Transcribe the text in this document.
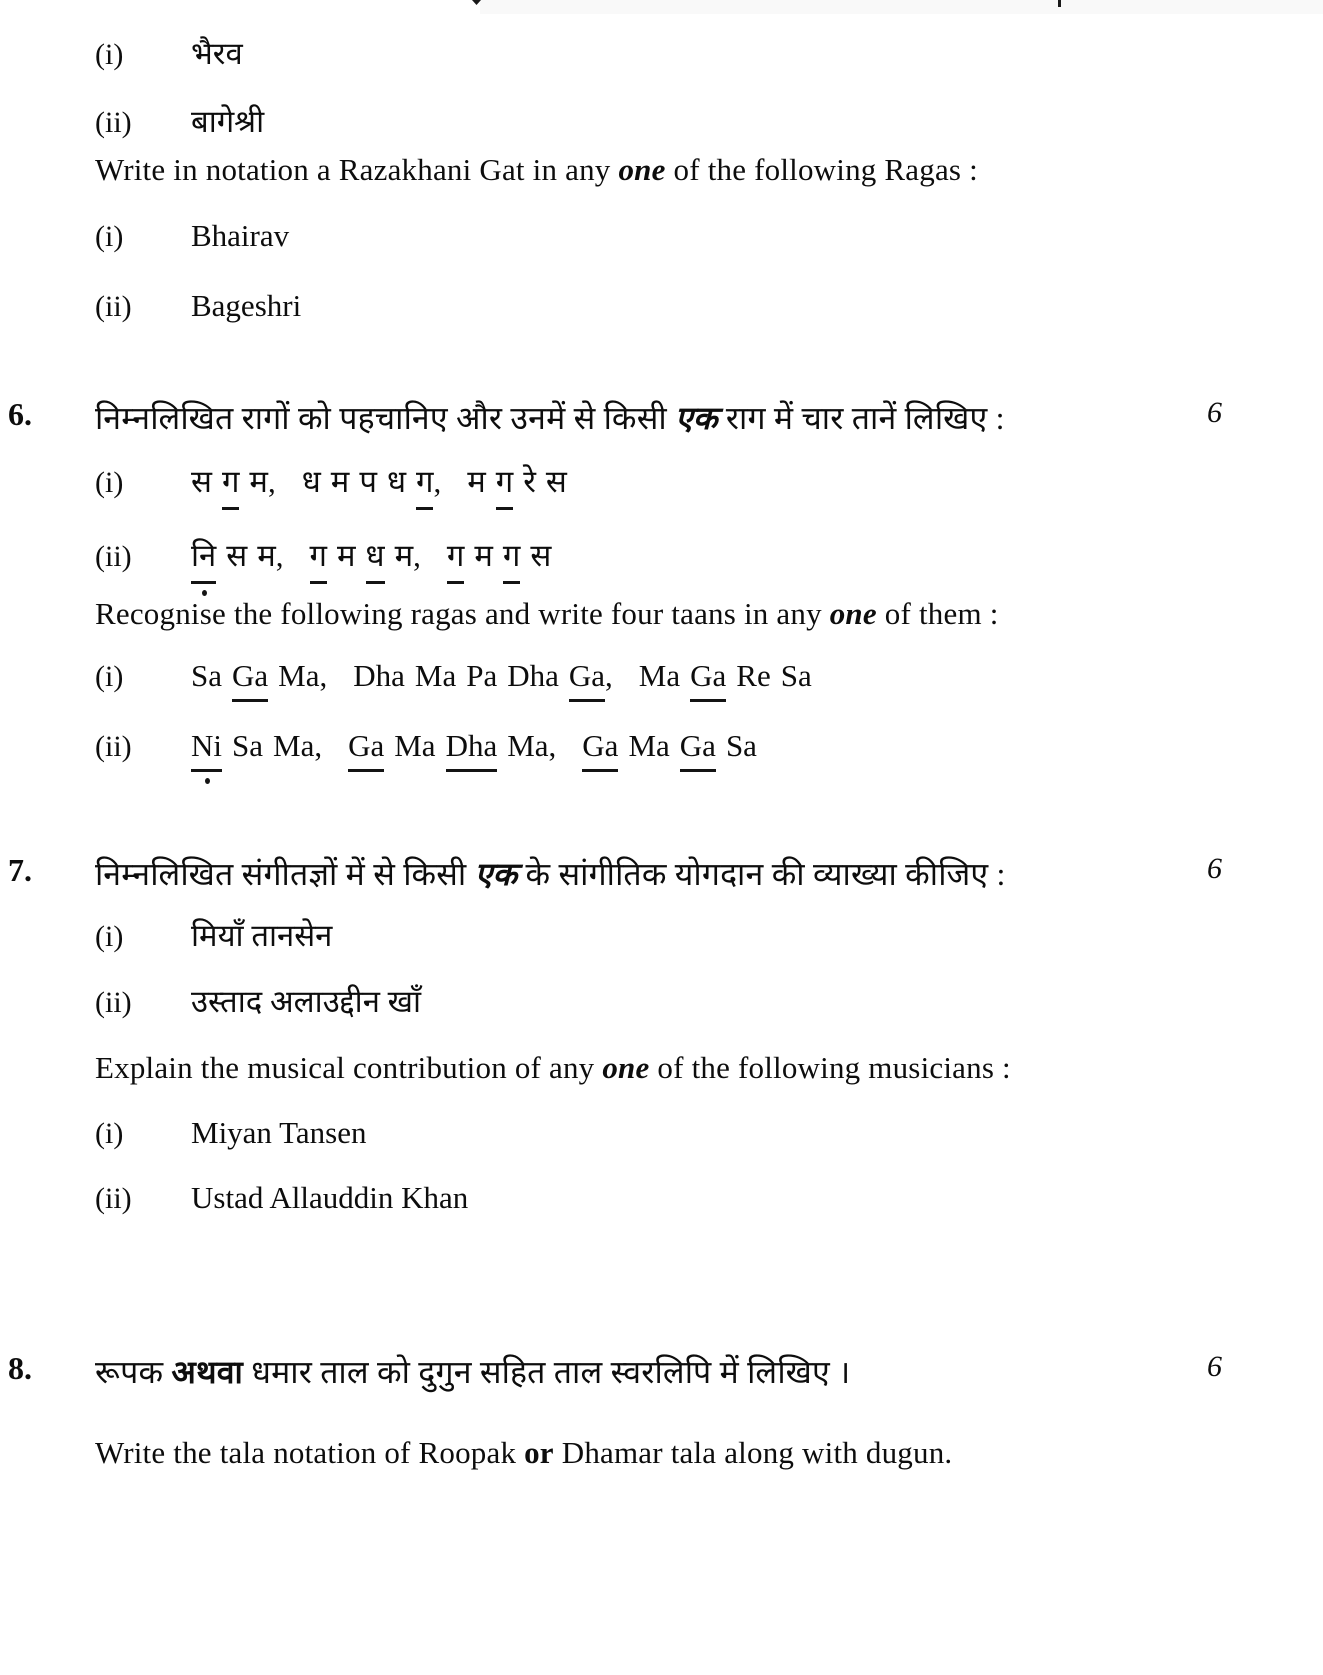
(i)	भैरव
(ii)	बागेश्री
Write in notation a Razakhani Gat in any one of the following Ragas :
(i)	Bhairav
(ii)	Bageshri
6. निम्नलिखित रागों को पहचानिए और उनमें से किसी एक राग में चार तानें लिखिए :	6
(i)	स ग म, ध म प ध ग, म ग रे स
(ii)	नि स म, ग म ध म, ग म ग स
Recognise the following ragas and write four taans in any one of them :
(i)	Sa Ga Ma, Dha Ma Pa Dha Ga, Ma Ga Re Sa
(ii)	Ni Sa Ma, Ga Ma Dha Ma, Ga Ma Ga Sa
7. निम्नलिखित संगीतज्ञों में से किसी एक के सांगीतिक योगदान की व्याख्या कीजिए :	6
(i)	मियाँ तानसेन
(ii)	उस्ताद अलाउद्दीन खाँ
Explain the musical contribution of any one of the following musicians :
(i)	Miyan Tansen
(ii)	Ustad Allauddin Khan
8. रूपक अथवा धमार ताल को दुगुन सहित ताल स्वरलिपि में लिखिए ।	6
Write the tala notation of Roopak or Dhamar tala along with dugun.
